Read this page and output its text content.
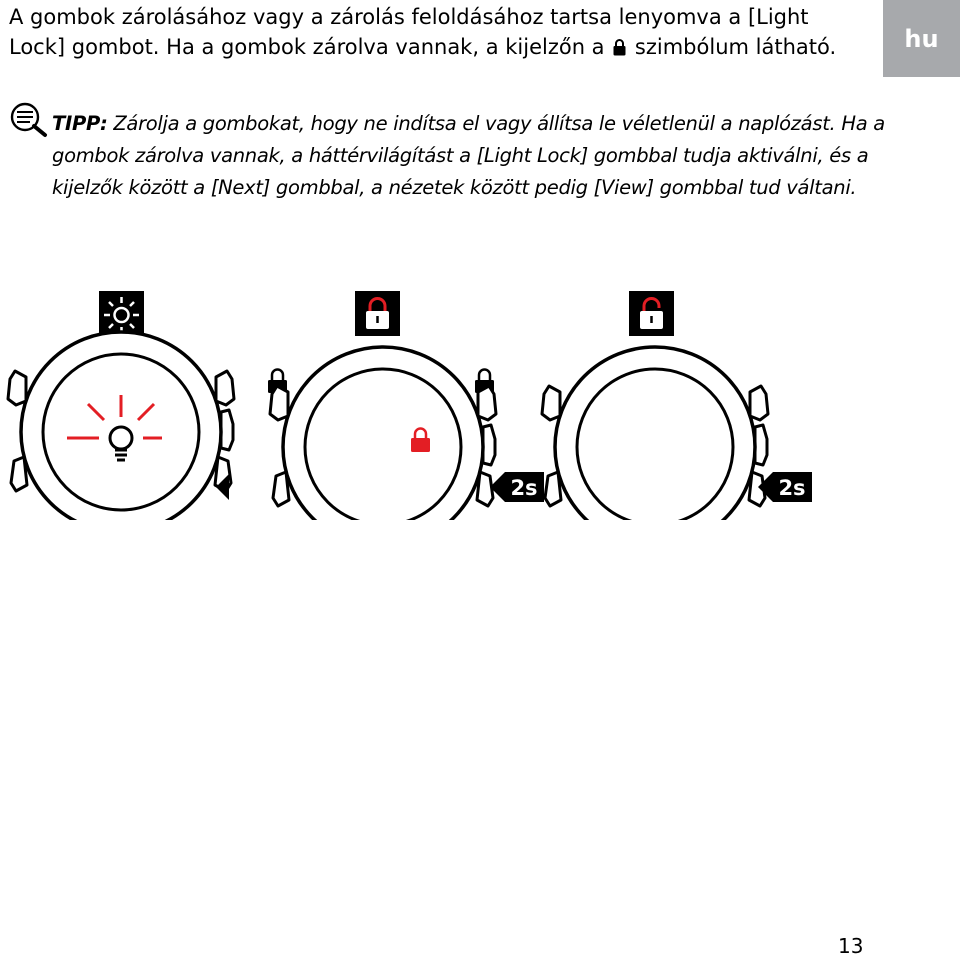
A gombok zárolásához vagy a zárolás feloldásához tartsa lenyomva a [Light Lock] gombot. Ha a gombok zárolva vannak, a kijelzőn a szimbólum látható.	hu
TIPP: Zárolja a gombokat, hogy ne indítsa el vagy állítsa le véletlenül a naplózást. Ha a gombok zárolva vannak, a háttérvilágítást a [Light Lock] gombbal tudja aktiválni, és a kijelzők között a [Next] gombbal, a nézetek között pedig [View] gombbal tud váltani.
2s	2s
13
